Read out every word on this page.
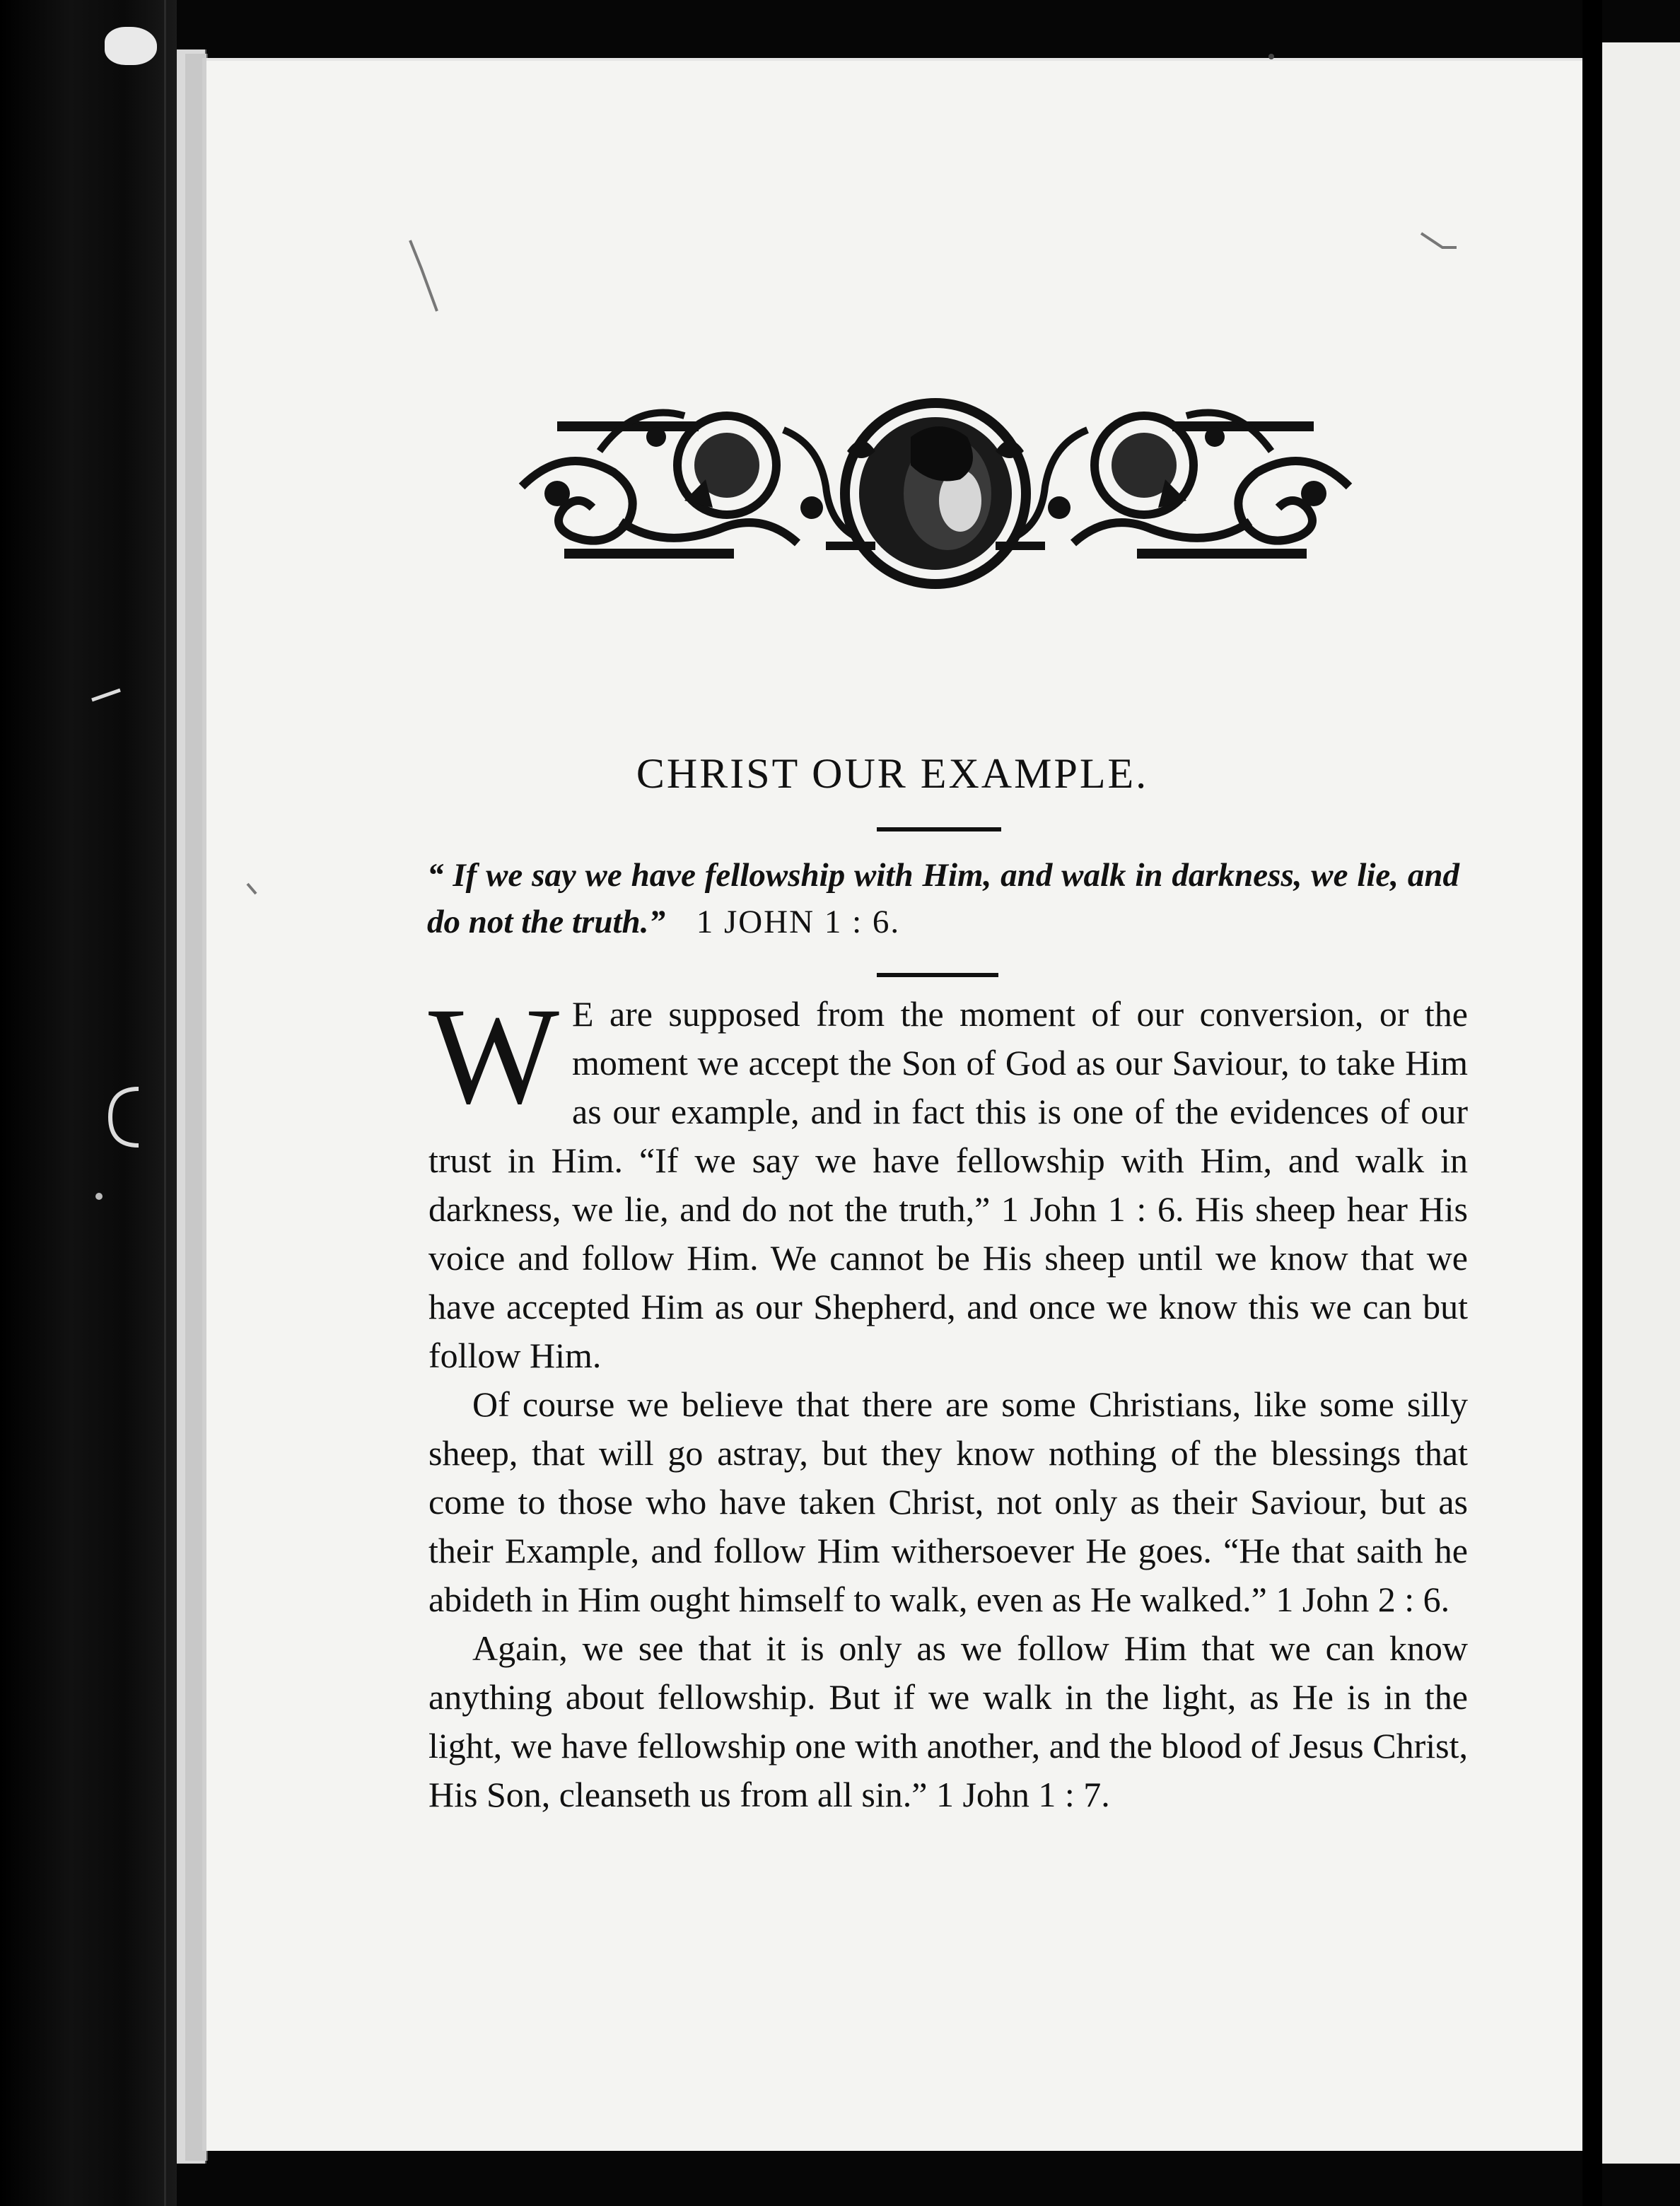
CHRIST OUR EXAMPLE.
“ If we say we have fellowship with Him, and walk in darkness, we lie, and do not the truth.” 1 JOHN 1 : 6.

W E are supposed from the moment of our conversion, or the moment we accept the Son of God as our Saviour, to take Him as our example, and in fact this is one of the evidences of our trust in Him. “If we say we have fellowship with Him, and walk in darkness, we lie, and do not the truth,” 1 John 1 : 6. His sheep hear His voice and follow Him. We cannot be His sheep until we know that we have accepted Him as our Shepherd, and once we know this we can but follow Him.

Of course we believe that there are some Christians, like some silly sheep, that will go astray, but they know nothing of the blessings that come to those who have taken Christ, not only as their Saviour, but as their Example, and follow Him withersoever He goes. “He that saith he abideth in Him ought himself to walk, even as He walked.” 1 John 2 : 6.

Again, we see that it is only as we follow Him that we can know anything about fellowship. But if we walk in the light, as He is in the light, we have fellowship one with another, and the blood of Jesus Christ, His Son, cleanseth us from all sin.” 1 John 1 : 7.
